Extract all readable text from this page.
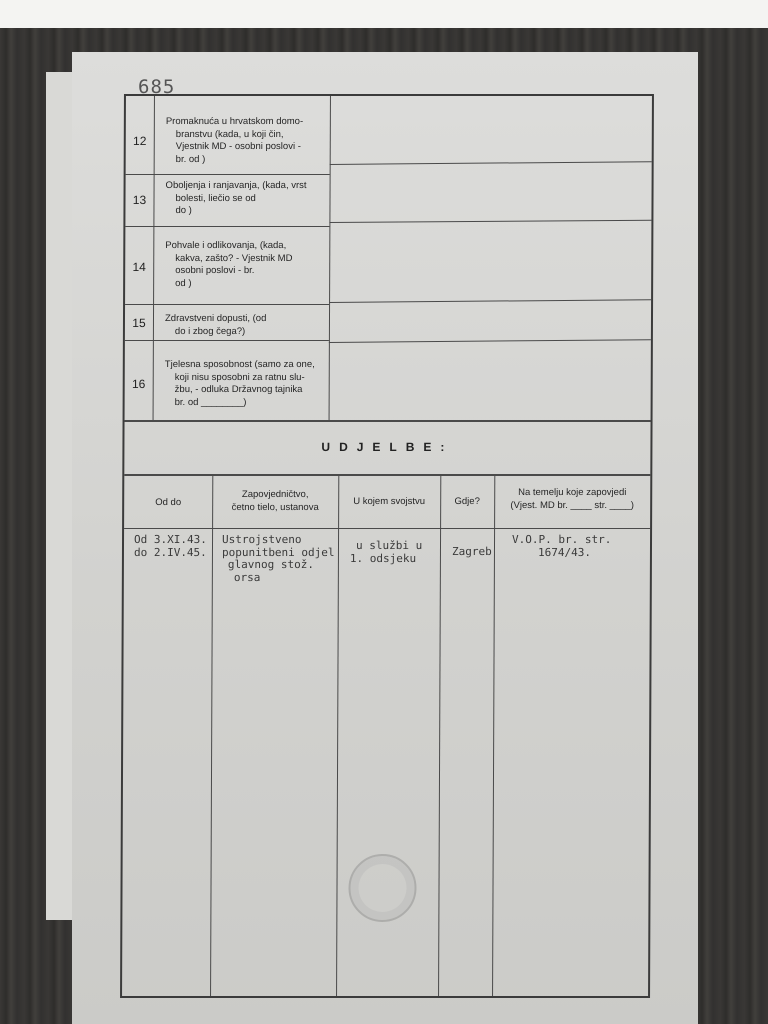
685
12
13
14
15
16
Promaknuća u hrvatskom domo-
branstvu (kada, u koji čin,
Vjestnik MD - osobni poslovi -
br. od )
Oboljenja i ranjavanja, (kada, vrst
bolesti, liečio se od
do )
Pohvale i odlikovanja, (kada,
kakva, zašto? - Vjestnik MD
osobni poslovi - br.
od )
Zdravstveni dopusti, (od
do i zbog čega?)
Tjelesna sposobnost (samo za one,
koji nisu sposobni za ratnu slu-
žbu, - odluka Državnog tajnika
br. od ________)
UDJELBE:
Od do
Zapovjedničtvo,
četno tielo, ustanova
U kojem svojstvu	Gdje?
Na temelju koje zapovjedi
(Vjest. MD br. ____ str. ____)
Od 3.XI.43.
do 2.IV.45.
Ustrojstveno
popunitbeni odjel
glavnog stož.
orsa
u službi u
1. odsjeku	Zagreb
V.O.P. br. str.
1674/43.
